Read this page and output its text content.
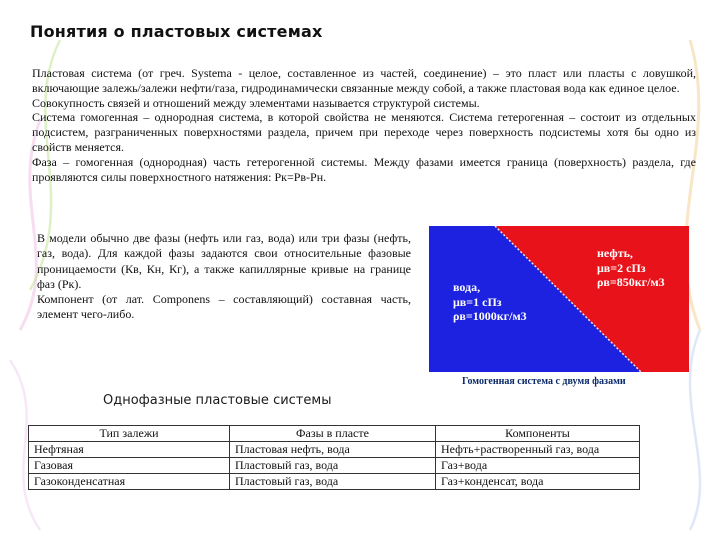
Понятия о пластовых системах

Пластовая система (от греч. Systema - целое, составленное из частей, соединение) – это пласт или пласты с ловушкой, включающие залежь/залежи нефти/газа, гидродинамически связанные между собой, а также пластовая вода как единое целое.

Совокупность связей и отношений между элементами называется структурой системы.

Система гомогенная – однородная система, в которой свойства не меняются. Система гетерогенная – состоит из отдельных подсистем, разграниченных поверхностями раздела, причем при переходе через поверхность подсистемы хотя бы одно из свойств меняется.

Фаза – гомогенная (однородная) часть гетерогенной системы. Между фазами имеется граница (поверхность) раздела, где проявляются силы поверхностного натяжения: Рк=Рв-Рн.

В модели обычно две фазы (нефть или газ, вода) или три фазы (нефть, газ, вода). Для каждой фазы задаются свои относительные фазовые проницаемости (Кв, Кн, Кг), а также капиллярные кривые на границе фаз (Рк).

Компонент (от лат. Componens – составляющий) составная часть, элемент чего-либо.

нефть,
μв=2 сПз
ρв=850кг/м3
вода,
μв=1 сПз
ρв=1000кг/м3
Гомогенная система с двумя фазами
Однофазные пластовые системы
Тип залежи	Фазы в пласте	Компоненты
Нефтяная	Пластовая нефть, вода	Нефть+растворенный газ, вода
Газовая	Пластовый газ, вода	Газ+вода
Газоконденсатная	Пластовый газ, вода	Газ+конденсат, вода
